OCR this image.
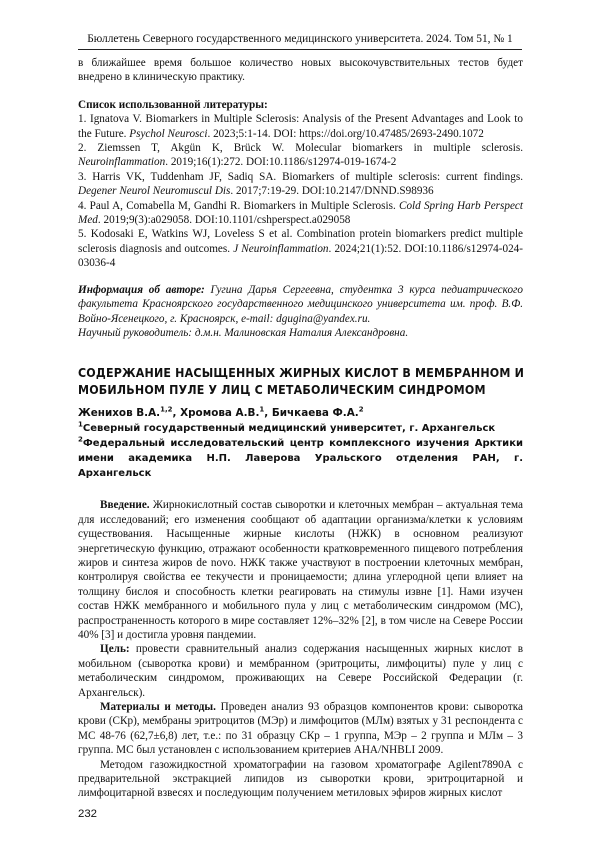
Бюллетень Северного государственного медицинского университета. 2024. Том 51, № 1

в ближайшее время большое количество новых высокочувствительных тестов будет внедрено в клиническую практику.

Список использованной литературы:

1. Ignatova V. Biomarkers in Multiple Sclerosis: Analysis of the Present Advantages and Look to the Future. Psychol Neurosci. 2023;5:1-14. DOI: https://doi.org/10.47485/2693-2490.1072

2. Ziemssen T, Akgün K, Brück W. Molecular biomarkers in multiple sclerosis. Neuroinflammation. 2019;16(1):272. DOI:10.1186/s12974-019-1674-2

3. Harris VK, Tuddenham JF, Sadiq SA. Biomarkers of multiple sclerosis: current findings. Degener Neurol Neuromuscul Dis. 2017;7:19-29. DOI:10.2147/DNND.S98936

4. Paul A, Comabella M, Gandhi R. Biomarkers in Multiple Sclerosis. Cold Spring Harb Perspect Med. 2019;9(3):a029058. DOI:10.1101/cshperspect.a029058

5. Kodosaki E, Watkins WJ, Loveless S et al. Combination protein biomarkers predict multiple sclerosis diagnosis and outcomes. J Neuroinflammation. 2024;21(1):52. DOI:10.1186/s12974-024-03036-4

Информация об авторе: Гугина Дарья Сергеевна, студентка 3 курса педиатрического факультета Красноярского государственного медицинского университета им. проф. В.Ф. Войно-Ясенецкого, г. Красноярск, e-mail: dgugina@yandex.ru.

Научный руководитель: д.м.н. Малиновская Наталия Александровна.

СОДЕРЖАНИЕ НАСЫЩЕННЫХ ЖИРНЫХ КИСЛОТ В МЕМБРАННОМ И МОБИЛЬНОМ ПУЛЕ У ЛИЦ С МЕТАБОЛИЧЕСКИМ СИНДРОМОМ
Женихов В.А.$^{1,2}$, Хромова А.В.$^1$, Бичкаева Ф.А.$^2$
$^1$Северный государственный медицинский университет, г. Архангельск
$^2$Федеральный исследовательский центр комплексного изучения Арктики имени академика Н.П. Лаверова Уральского отделения РАН, г. Архангельск

Введение. Жирнокислотный состав сыворотки и клеточных мембран – актуальная тема для исследований; его изменения сообщают об адаптации организма/клетки к условиям существования. Насыщенные жирные кислоты (НЖК) в основном реализуют энергетическую функцию, отражают особенности кратковременного пищевого потребления жиров и синтеза жиров de novo. НЖК также участвуют в построении клеточных мембран, контролируя свойства ее текучести и проницаемости; длина углеродной цепи влияет на толщину бислоя и способность клетки реагировать на стимулы извне [1]. Нами изучен состав НЖК мембранного и мобильного пула у лиц с метаболическим синдромом (МС), распространенность которого в мире составляет 12%–32% [2], в том числе на Севере России 40% [3] и достигла уровня пандемии.

Цель: провести сравнительный анализ содержания насыщенных жирных кислот в мобильном (сыворотка крови) и мембранном (эритроциты, лимфоциты) пуле у лиц с метаболическим синдромом, проживающих на Севере Российской Федерации (г. Архангельск).

Материалы и методы. Проведен анализ 93 образцов компонентов крови: сыворотка крови (СКр), мембраны эритроцитов (МЭр) и лимфоцитов (МЛм) взятых у 31 респондента с МС 48-76 (62,7±6,8) лет, т.е.: по 31 образцу СКр – 1 группа, МЭр – 2 группа и МЛм – 3 группа. МС был установлен с использованием критериев AHA/NHBLI 2009.

Методом газожидкостной хроматографии на газовом хроматографе Agilent7890A с предварительной экстракцией липидов из сыворотки крови, эритроцитарной и лимфоцитарной взвесях и последующим получением метиловых эфиров жирных кислот

232
